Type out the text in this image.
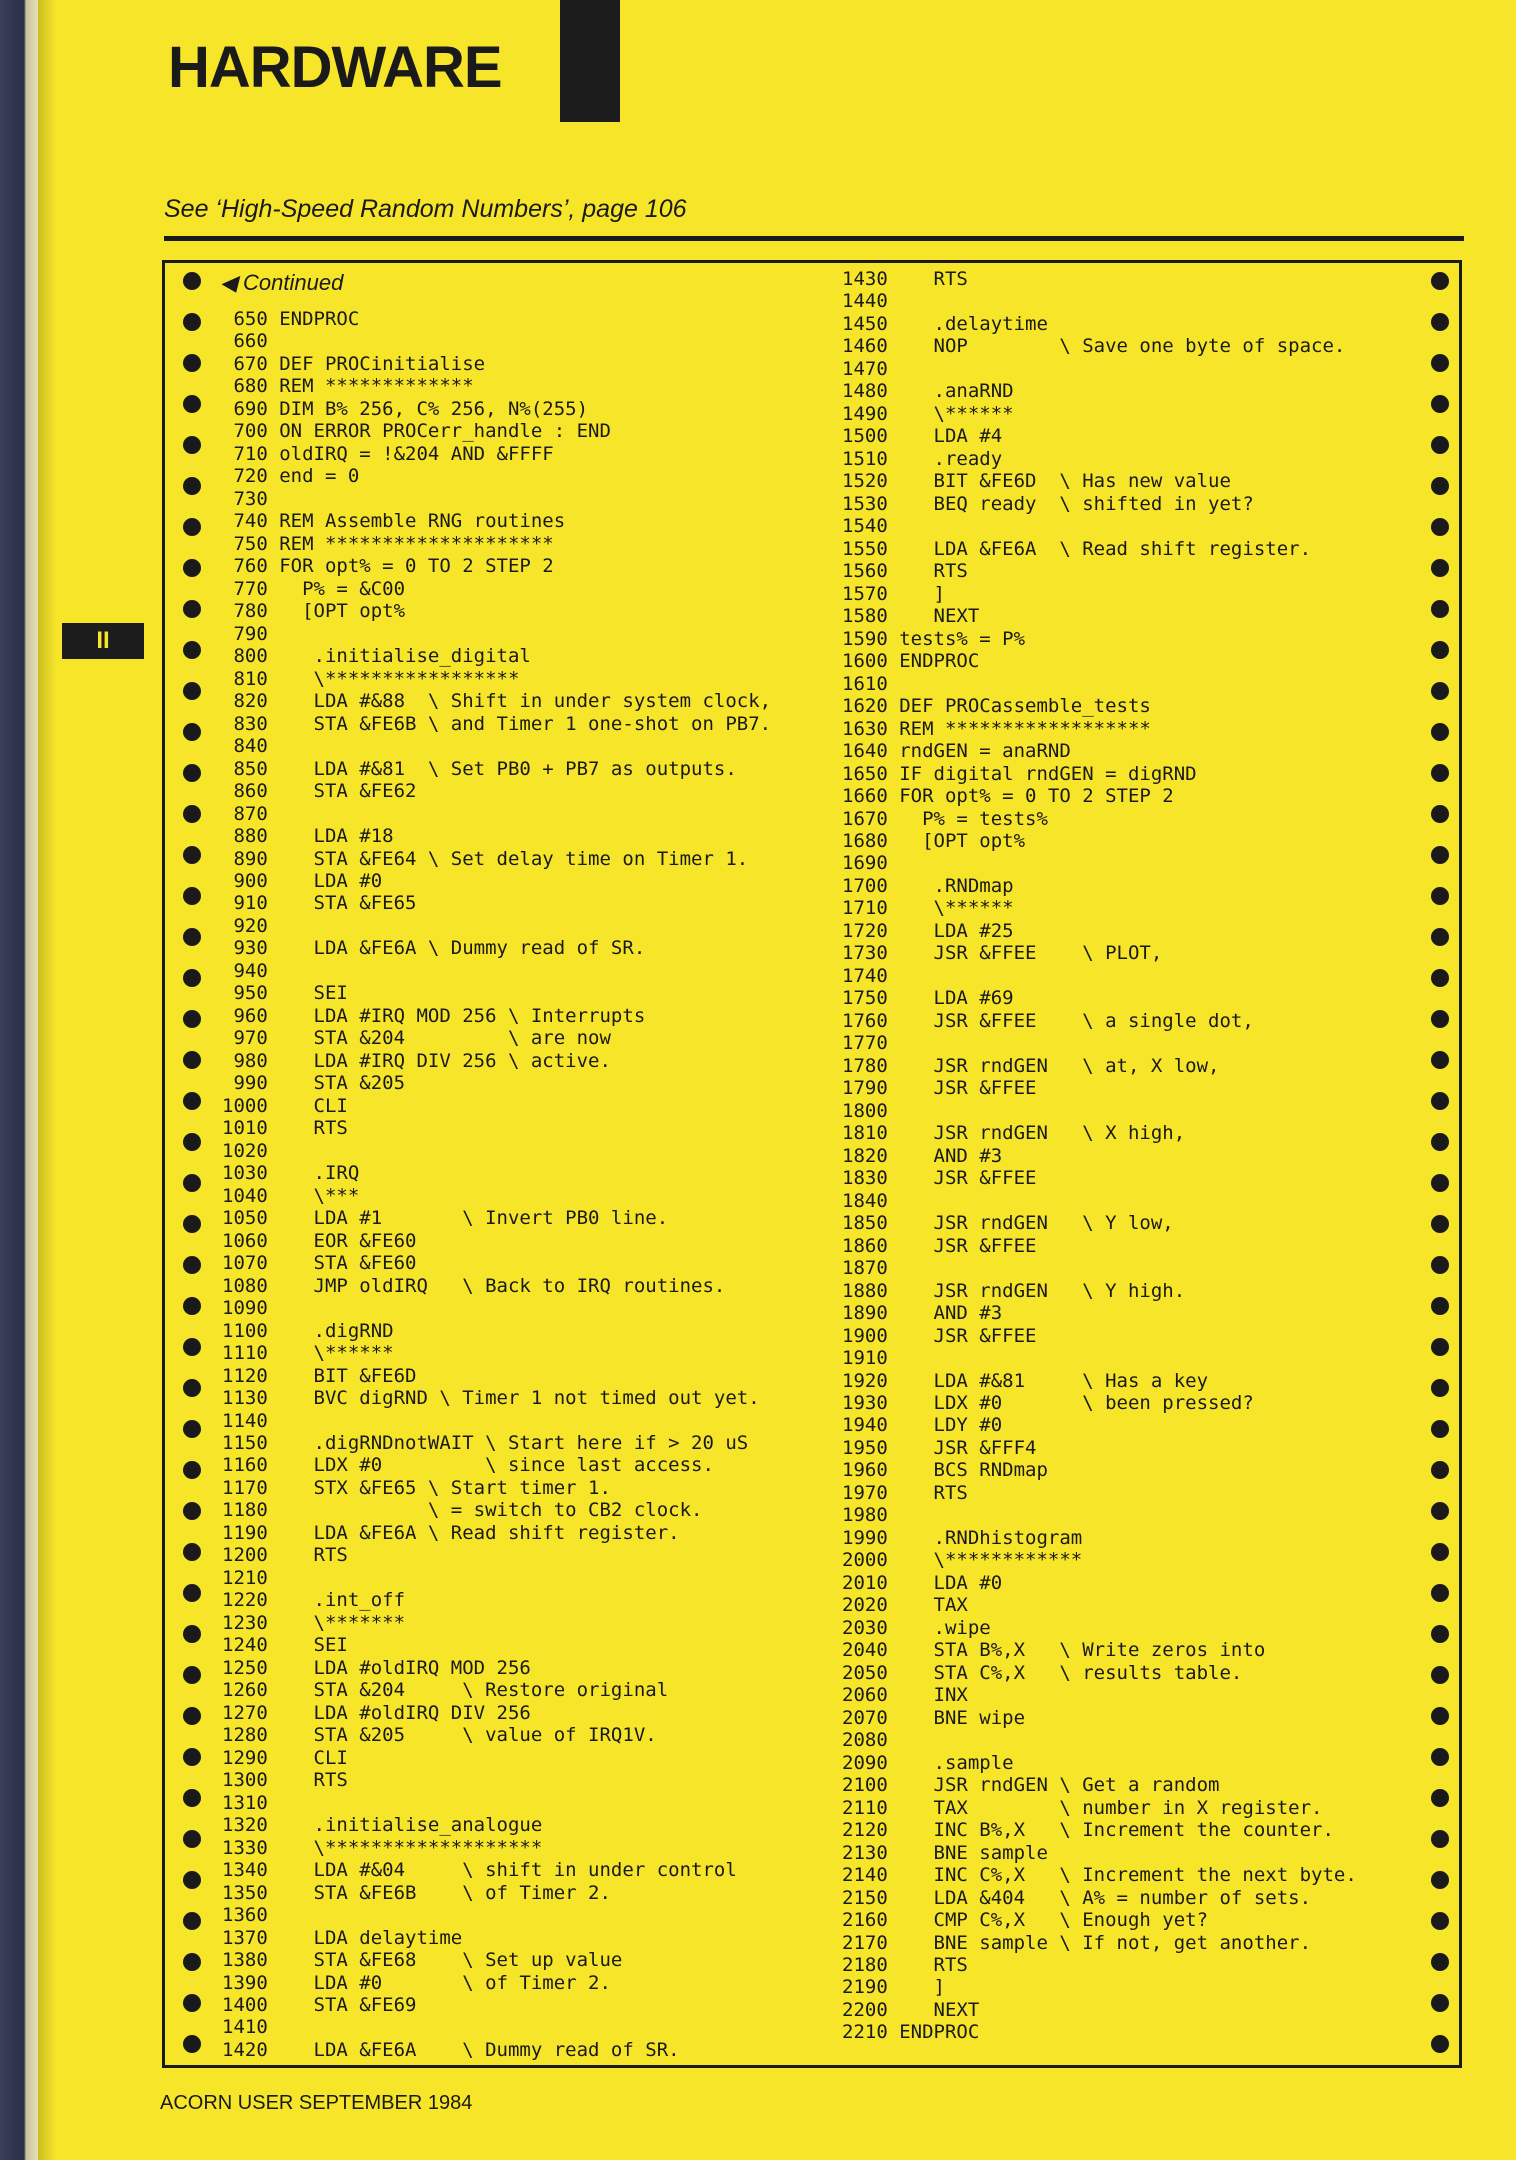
HARDWARE
II
See ‘High-Speed Random Numbers’, page 106
◀ Continued
650 ENDPROC
660
670 DEF PROCinitialise
680 REM *************
690 DIM B% 256, C% 256, N%(255)
700 ON ERROR PROCerr_handle : END
710 oldIRQ = !&204 AND &FFFF
720 end = 0
730
740 REM Assemble RNG routines
750 REM ********************
760 FOR opt% = 0 TO 2 STEP 2
770   P% = &C00
780   [OPT opt%
790
800    .initialise_digital
810    \*****************
820    LDA #&88  \ Shift in under system clock,
830    STA &FE6B \ and Timer 1 one-shot on PB7.
840
850    LDA #&81  \ Set PB0 + PB7 as outputs.
860    STA &FE62
870
880    LDA #18
890    STA &FE64 \ Set delay time on Timer 1.
900    LDA #0
910    STA &FE65
920
930    LDA &FE6A \ Dummy read of SR.
940
950    SEI
960    LDA #IRQ MOD 256 \ Interrupts
970    STA &204         \ are now
980    LDA #IRQ DIV 256 \ active.
990    STA &205
1000    CLI
1010    RTS
1020
1030    .IRQ
1040    \***
1050    LDA #1       \ Invert PB0 line.
1060    EOR &FE60
1070    STA &FE60
1080    JMP oldIRQ   \ Back to IRQ routines.
1090
1100    .digRND
1110    \******
1120    BIT &FE6D
1130    BVC digRND \ Timer 1 not timed out yet.
1140
1150    .digRNDnotWAIT \ Start here if > 20 uS
1160    LDX #0         \ since last access.
1170    STX &FE65 \ Start timer 1.
1180              \ = switch to CB2 clock.
1190    LDA &FE6A \ Read shift register.
1200    RTS
1210
1220    .int_off
1230    \*******
1240    SEI
1250    LDA #oldIRQ MOD 256
1260    STA &204     \ Restore original
1270    LDA #oldIRQ DIV 256
1280    STA &205     \ value of IRQ1V.
1290    CLI
1300    RTS
1310
1320    .initialise_analogue
1330    \*******************
1340    LDA #&04     \ shift in under control
1350    STA &FE6B    \ of Timer 2.
1360
1370    LDA delaytime
1380    STA &FE68    \ Set up value
1390    LDA #0       \ of Timer 2.
1400    STA &FE69
1410
1420    LDA &FE6A    \ Dummy read of SR.
1430    RTS
1440
1450    .delaytime
1460    NOP        \ Save one byte of space.
1470
1480    .anaRND
1490    \******
1500    LDA #4
1510    .ready
1520    BIT &FE6D  \ Has new value
1530    BEQ ready  \ shifted in yet?
1540
1550    LDA &FE6A  \ Read shift register.
1560    RTS
1570    ]
1580    NEXT
1590 tests% = P%
1600 ENDPROC
1610
1620 DEF PROCassemble_tests
1630 REM ******************
1640 rndGEN = anaRND
1650 IF digital rndGEN = digRND
1660 FOR opt% = 0 TO 2 STEP 2
1670   P% = tests%
1680   [OPT opt%
1690
1700    .RNDmap
1710    \******
1720    LDA #25
1730    JSR &FFEE    \ PLOT,
1740
1750    LDA #69
1760    JSR &FFEE    \ a single dot,
1770
1780    JSR rndGEN   \ at, X low,
1790    JSR &FFEE
1800
1810    JSR rndGEN   \ X high,
1820    AND #3
1830    JSR &FFEE
1840
1850    JSR rndGEN   \ Y low,
1860    JSR &FFEE
1870
1880    JSR rndGEN   \ Y high.
1890    AND #3
1900    JSR &FFEE
1910
1920    LDA #&81     \ Has a key
1930    LDX #0       \ been pressed?
1940    LDY #0
1950    JSR &FFF4
1960    BCS RNDmap
1970    RTS
1980
1990    .RNDhistogram
2000    \************
2010    LDA #0
2020    TAX
2030    .wipe
2040    STA B%,X   \ Write zeros into
2050    STA C%,X   \ results table.
2060    INX
2070    BNE wipe
2080
2090    .sample
2100    JSR rndGEN \ Get a random
2110    TAX        \ number in X register.
2120    INC B%,X   \ Increment the counter.
2130    BNE sample
2140    INC C%,X   \ Increment the next byte.
2150    LDA &404   \ A% = number of sets.
2160    CMP C%,X   \ Enough yet?
2170    BNE sample \ If not, get another.
2180    RTS
2190    ]
2200    NEXT
2210 ENDPROC
ACORN USER SEPTEMBER 1984
